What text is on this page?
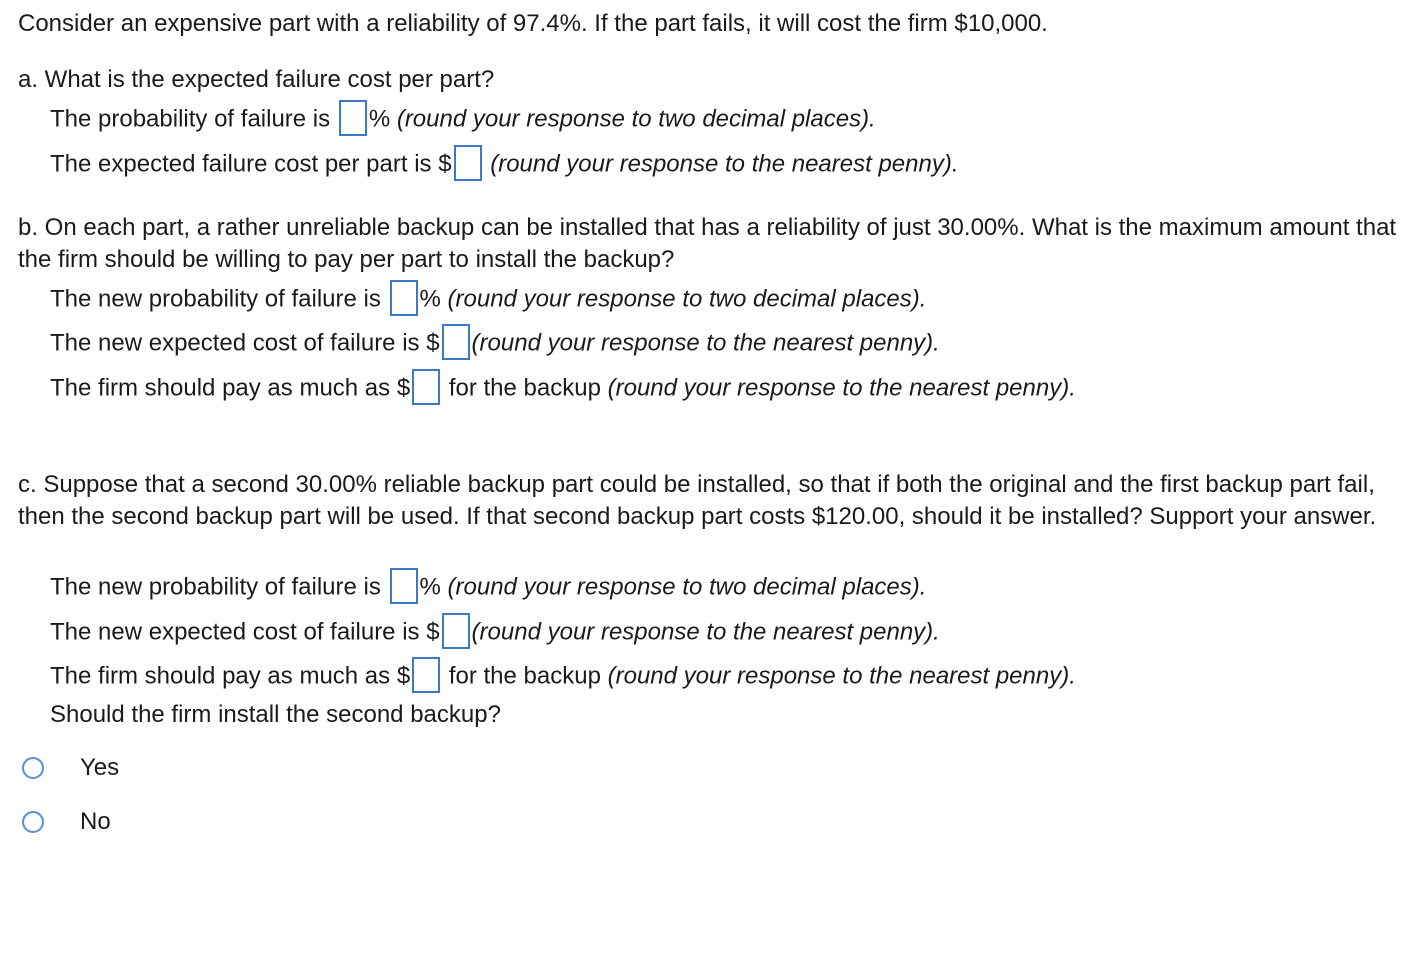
Consider an expensive part with a reliability of 97.4%. If the part fails, it will cost the firm $10,000.
a. What is the expected failure cost per part?
The probability of failure is % (round your response to two decimal places).
The expected failure cost per part is $ (round your response to the nearest penny).
b. On each part, a rather unreliable backup can be installed that has a reliability of just 30.00%. What is the maximum amount that the firm should be willing to pay per part to install the backup?
The new probability of failure is % (round your response to two decimal places).
The new expected cost of failure is $ (round your response to the nearest penny).
The firm should pay as much as $ for the backup (round your response to the nearest penny).
c. Suppose that a second 30.00% reliable backup part could be installed, so that if both the original and the first backup part fail, then the second backup part will be used. If that second backup part costs $120.00, should it be installed? Support your answer.
The new probability of failure is % (round your response to two decimal places).
The new expected cost of failure is $ (round your response to the nearest penny).
The firm should pay as much as $ for the backup (round your response to the nearest penny).
Should the firm install the second backup?
Yes
No
